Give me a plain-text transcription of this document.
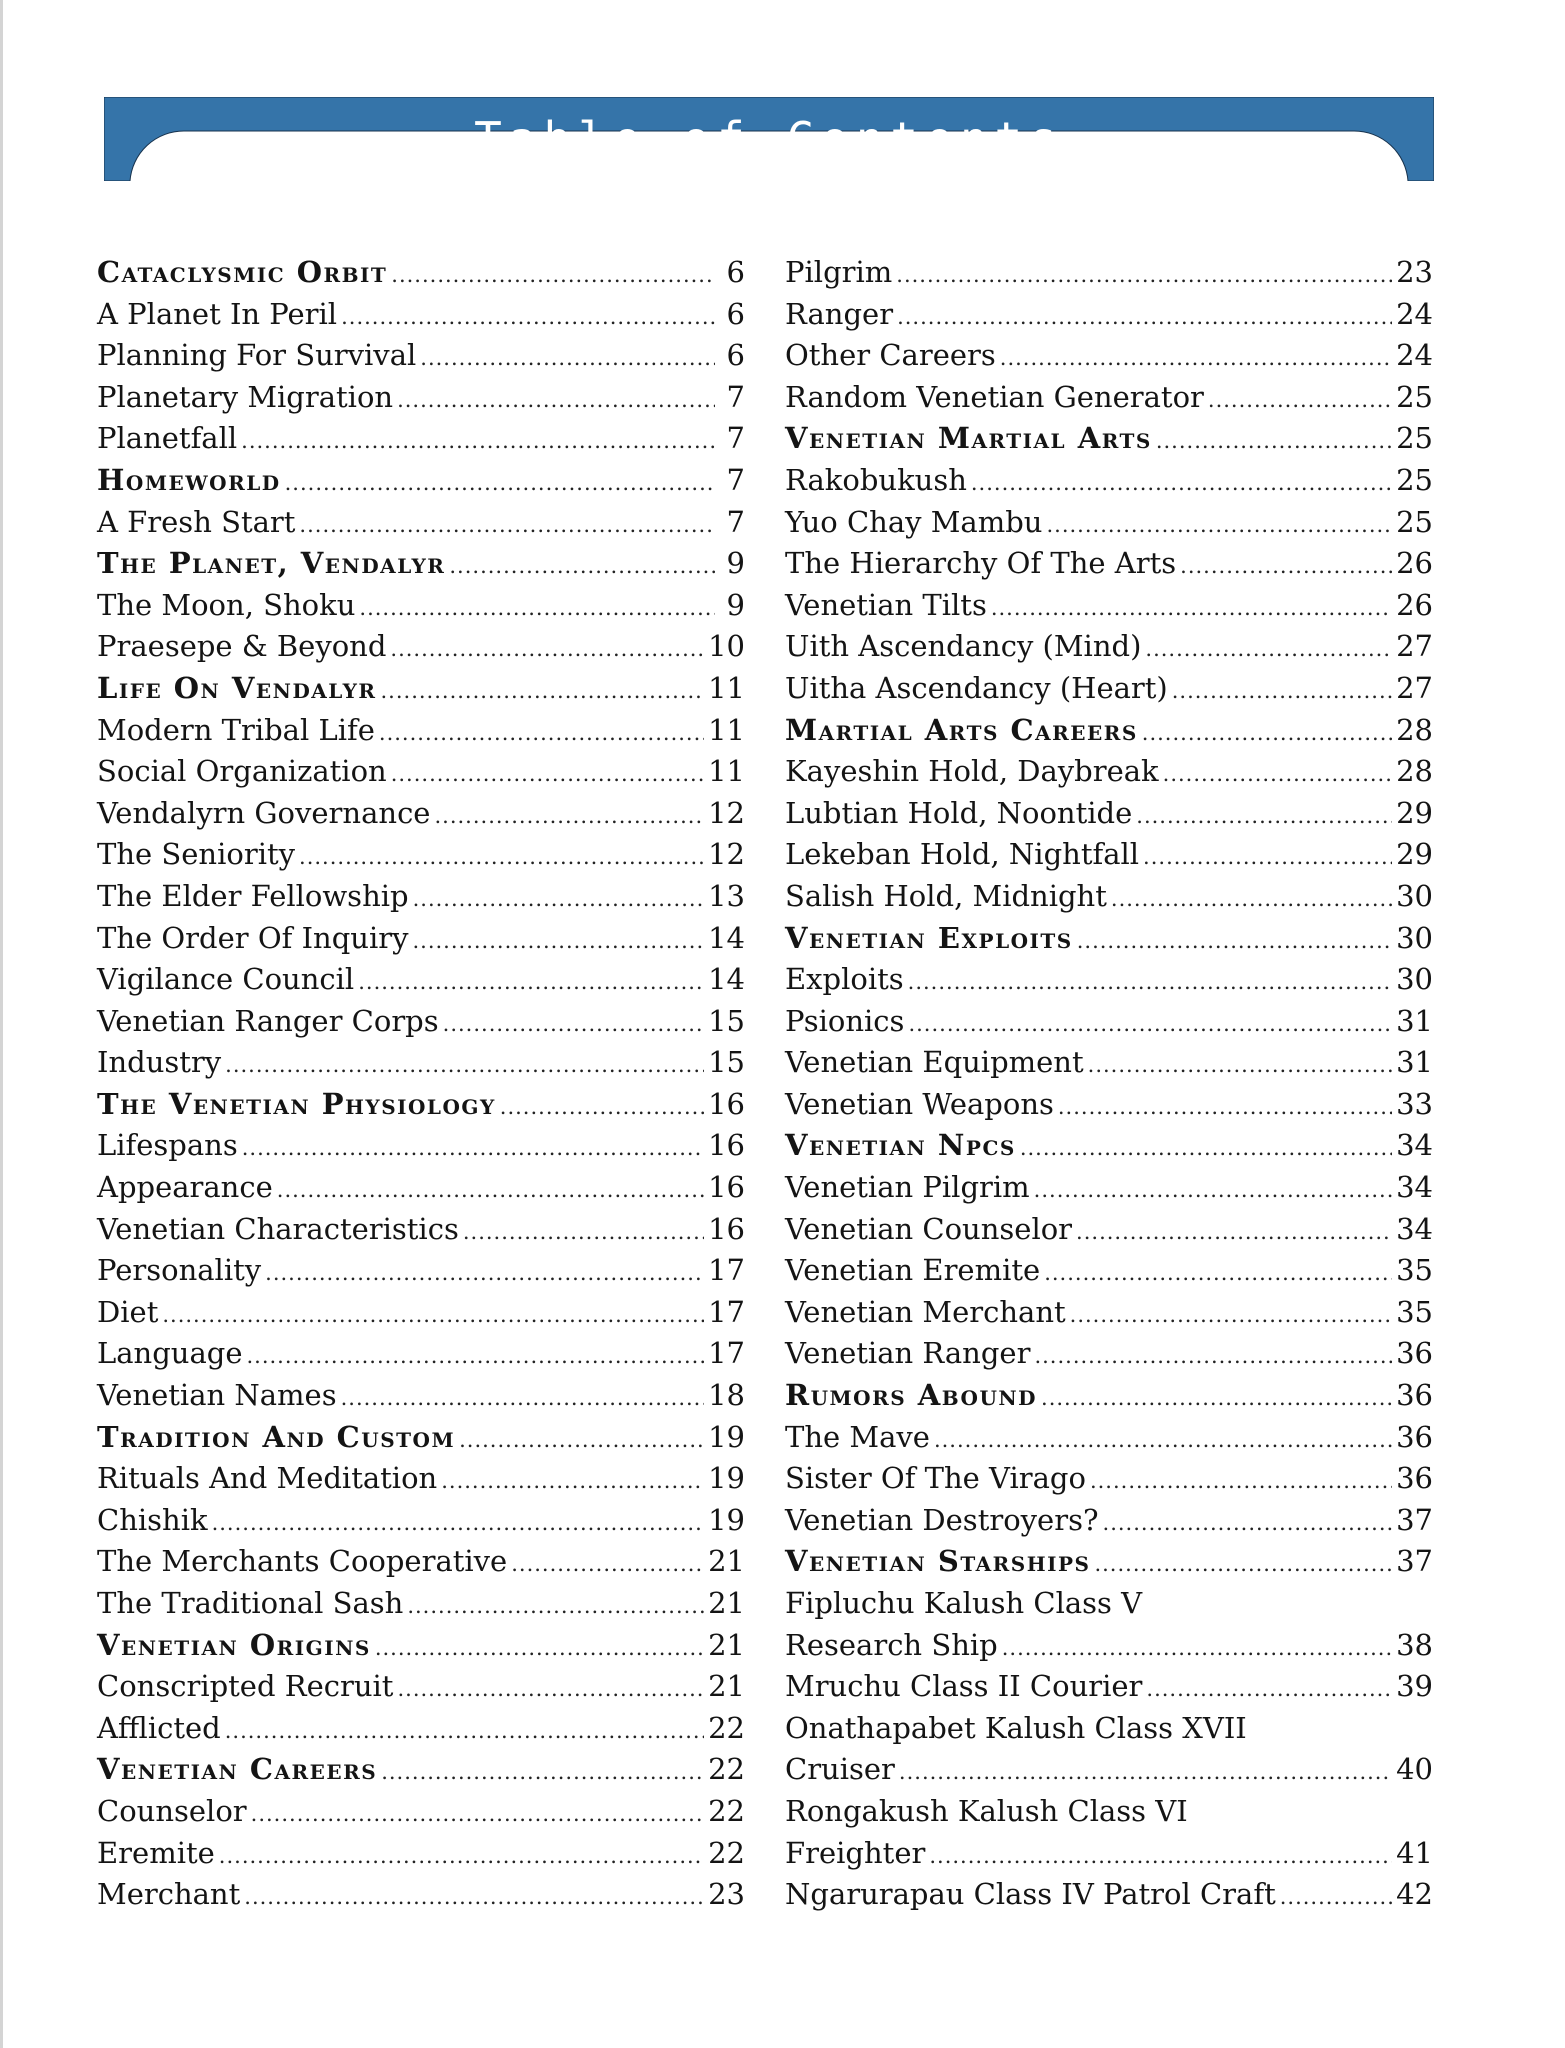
Table of Contents
Cataclysmic Orbit .....	6
A Planet In Peril .....	6
Planning For Survival .....	6
Planetary Migration .....	7
Planetfall .....	7
Homeworld .....	7
A Fresh Start .....	7
The Planet, Vendalyr .....	9
The Moon, Shoku .....	9
Praesepe & Beyond .....	10
Life On Vendalyr .....	11
Modern Tribal Life .....	11
Social Organization .....	11
Vendalyrn Governance .....	12
The Seniority .....	12
The Elder Fellowship .....	13
The Order Of Inquiry .....	14
Vigilance Council .....	14
Venetian Ranger Corps .....	15
Industry .....	15
The Venetian Physiology .....	16
Lifespans .....	16
Appearance .....	16
Venetian Characteristics .....	16
Personality .....	17
Diet .....	17
Language .....	17
Venetian Names .....	18
Tradition And Custom .....	19
Rituals And Meditation .....	19
Chishik .....	19
The Merchants Cooperative .....	21
The Traditional Sash .....	21
Venetian Origins .....	21
Conscripted Recruit .....	21
Afflicted .....	22
Venetian Careers .....	22
Counselor .....	22
Eremite .....	22
Merchant .....	23
Pilgrim .....	23
Ranger .....	24
Other Careers .....	24
Random Venetian Generator .....	25
Venetian Martial Arts .....	25
Rakobukush .....	25
Yuo Chay Mambu .....	25
The Hierarchy Of The Arts .....	26
Venetian Tilts .....	26
Uith Ascendancy (Mind) .....	27
Uitha Ascendancy (Heart) .....	27
Martial Arts Careers .....	28
Kayeshin Hold, Daybreak .....	28
Lubtian Hold, Noontide .....	29
Lekeban Hold, Nightfall .....	29
Salish Hold, Midnight .....	30
Venetian Exploits .....	30
Exploits .....	30
Psionics .....	31
Venetian Equipment .....	31
Venetian Weapons .....	33
Venetian Npcs .....	34
Venetian Pilgrim .....	34
Venetian Counselor .....	34
Venetian Eremite .....	35
Venetian Merchant .....	35
Venetian Ranger .....	36
Rumors Abound .....	36
The Mave .....	36
Sister Of The Virago .....	36
Venetian Destroyers? .....	37
Venetian Starships .....	37
Fipluchu Kalush Class V
Research Ship .....	38
Mruchu Class II Courier .....	39
Onathapabet Kalush Class XVII
Cruiser .....	40
Rongakush Kalush Class VI
Freighter .....	41
Ngarurapau Class IV Patrol Craft .....	42
